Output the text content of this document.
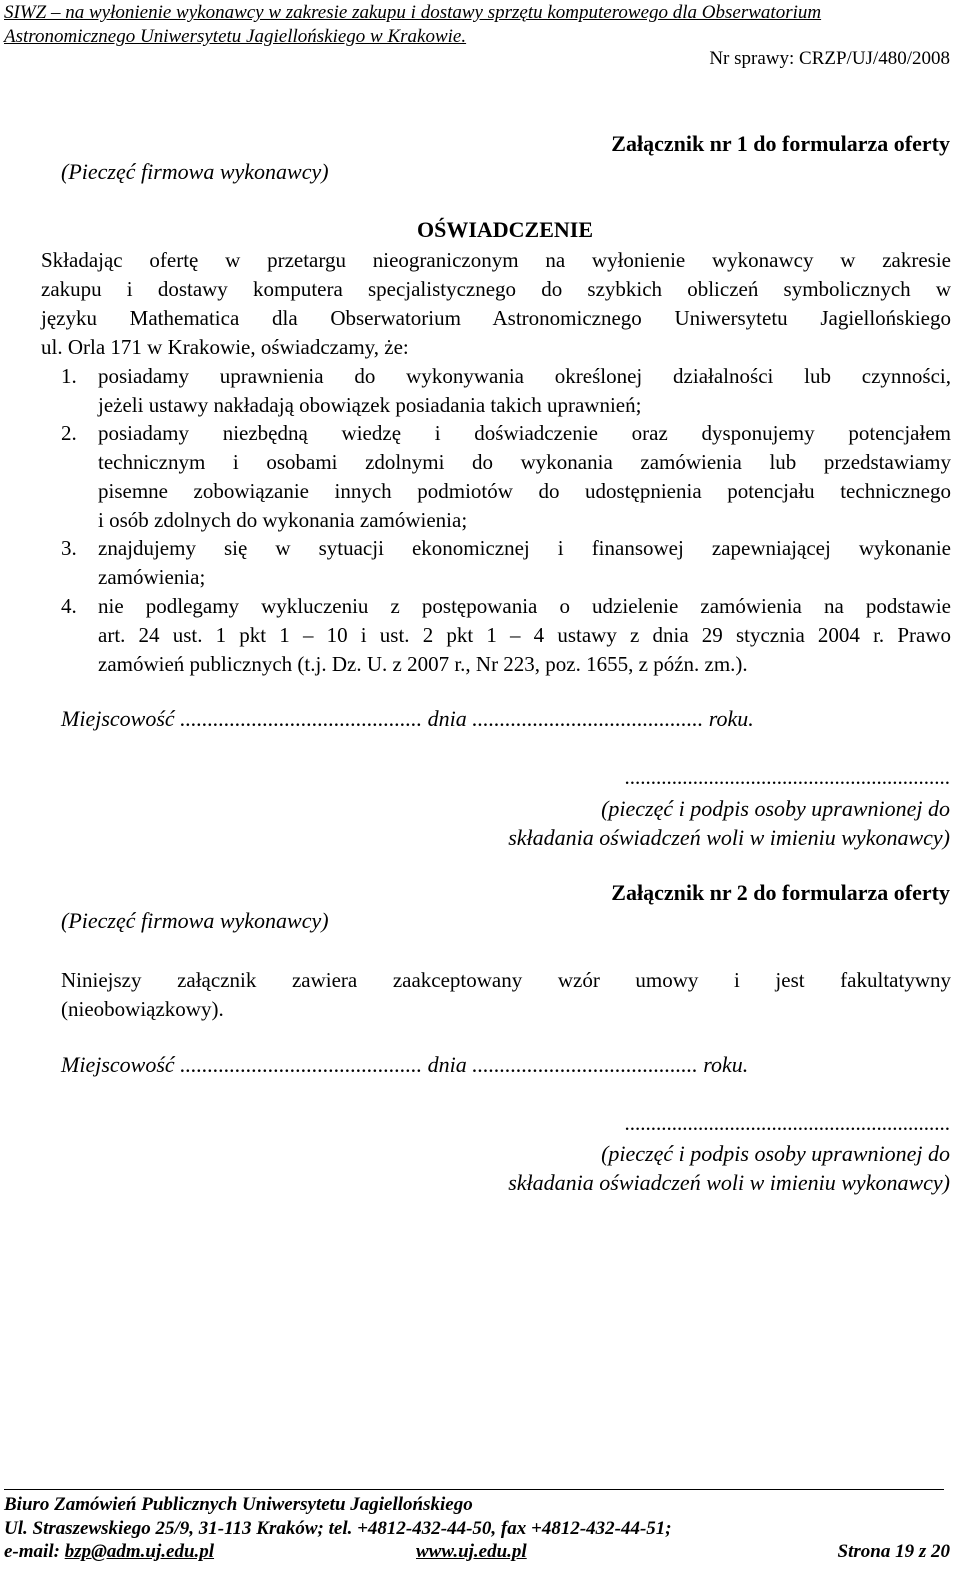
SIWZ – na wyłonienie wykonawcy w zakresie zakupu i dostawy sprzętu komputerowego dla Obserwatorium
Astronomicznego Uniwersytetu Jagiellońskiego w Krakowie.
Nr sprawy: CRZP/UJ/480/2008
(Pieczęć firmowa wykonawcy)
Załącznik nr 1 do formularza oferty
OŚWIADCZENIE
Składając ofertę w przetargu nieograniczonym na wyłonienie wykonawcy w zakresie
zakupu i dostawy komputera specjalistycznego do szybkich obliczeń symbolicznych w
języku Mathematica dla Obserwatorium Astronomicznego Uniwersytetu Jagiellońskiego
ul. Orla 171 w Krakowie, oświadczamy, że:
1. posiadamy uprawnienia do wykonywania określonej działalności lub czynności,
jeżeli ustawy nakładają obowiązek posiadania takich uprawnień;
2. posiadamy niezbędną wiedzę i doświadczenie oraz dysponujemy potencjałem
technicznym i osobami zdolnymi do wykonania zamówienia lub przedstawiamy
pisemne zobowiązanie innych podmiotów do udostępnienia potencjału technicznego
i osób zdolnych do wykonania zamówienia;
3. znajdujemy się w sytuacji ekonomicznej i finansowej zapewniającej wykonanie
zamówienia;
4. nie podlegamy wykluczeniu z postępowania o udzielenie zamówienia na podstawie
art. 24 ust. 1 pkt 1 – 10 i ust. 2 pkt 1 – 4 ustawy z dnia 29 stycznia 2004 r. Prawo
zamówień publicznych (t.j. Dz. U. z 2007 r., Nr 223, poz. 1655, z późn. zm.).
Miejscowość ............................................ dnia .......................................... roku.
..............................................................
(pieczęć i podpis osoby uprawnionej do
składania oświadczeń woli w imieniu wykonawcy)
Załącznik nr 2 do formularza oferty
(Pieczęć firmowa wykonawcy)
Niniejszy załącznik zawiera zaakceptowany wzór umowy i jest fakultatywny
(nieobowiązkowy).
Miejscowość ............................................ dnia ......................................... roku.
..............................................................
(pieczęć i podpis osoby uprawnionej do
składania oświadczeń woli w imieniu wykonawcy)
Biuro Zamówień Publicznych Uniwersytetu Jagiellońskiego
Ul. Straszewskiego 25/9, 31-113 Kraków; tel. +4812-432-44-50, fax +4812-432-44-51;
e-mail: bzp@adm.uj.edu.pl	www.uj.edu.pl	Strona 19 z 20
